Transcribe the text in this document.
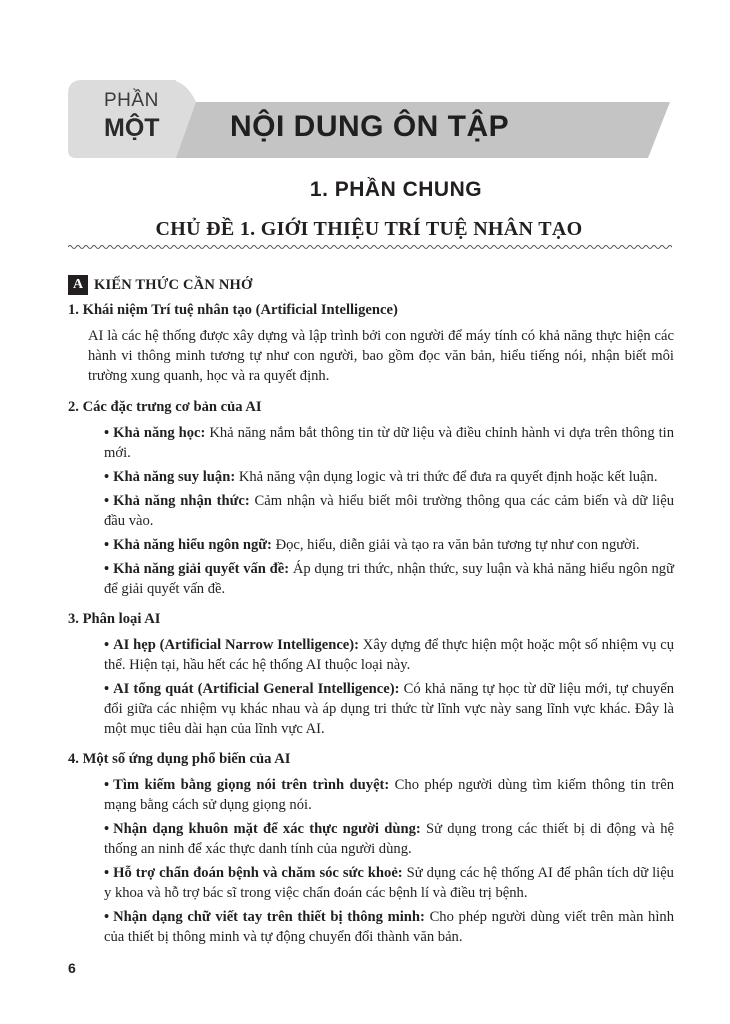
PHẦN
MỘT NỘI DUNG ÔN TẬP
1. PHẦN CHUNG
CHỦ ĐỀ 1. GIỚI THIỆU TRÍ TUỆ NHÂN TẠO
A KIẾN THỨC CẦN NHỚ

1. Khái niệm Trí tuệ nhân tạo (Artificial Intelligence)

AI là các hệ thống được xây dựng và lập trình bởi con người để máy tính có khả năng thực hiện các hành vi thông minh tương tự như con người, bao gồm đọc văn bản, hiểu tiếng nói, nhận biết môi trường xung quanh, học và ra quyết định.

2. Các đặc trưng cơ bản của AI

• Khả năng học: Khả năng nắm bắt thông tin từ dữ liệu và điều chỉnh hành vi dựa trên thông tin mới.

• Khả năng suy luận: Khả năng vận dụng logic và tri thức để đưa ra quyết định hoặc kết luận.

• Khả năng nhận thức: Cảm nhận và hiểu biết môi trường thông qua các cảm biến và dữ liệu đầu vào.

• Khả năng hiểu ngôn ngữ: Đọc, hiểu, diễn giải và tạo ra văn bản tương tự như con người.

• Khả năng giải quyết vấn đề: Áp dụng tri thức, nhận thức, suy luận và khả năng hiểu ngôn ngữ để giải quyết vấn đề.

3. Phân loại AI

• AI hẹp (Artificial Narrow Intelligence): Xây dựng để thực hiện một hoặc một số nhiệm vụ cụ thể. Hiện tại, hầu hết các hệ thống AI thuộc loại này.

• AI tổng quát (Artificial General Intelligence): Có khả năng tự học từ dữ liệu mới, tự chuyển đổi giữa các nhiệm vụ khác nhau và áp dụng tri thức từ lĩnh vực này sang lĩnh vực khác. Đây là một mục tiêu dài hạn của lĩnh vực AI.

4. Một số ứng dụng phổ biến của AI

• Tìm kiếm bằng giọng nói trên trình duyệt: Cho phép người dùng tìm kiếm thông tin trên mạng bằng cách sử dụng giọng nói.

• Nhận dạng khuôn mặt để xác thực người dùng: Sử dụng trong các thiết bị di động và hệ thống an ninh để xác thực danh tính của người dùng.

• Hỗ trợ chẩn đoán bệnh và chăm sóc sức khoẻ: Sử dụng các hệ thống AI để phân tích dữ liệu y khoa và hỗ trợ bác sĩ trong việc chẩn đoán các bệnh lí và điều trị bệnh.

• Nhận dạng chữ viết tay trên thiết bị thông minh: Cho phép người dùng viết trên màn hình của thiết bị thông minh và tự động chuyển đổi thành văn bản.

6
